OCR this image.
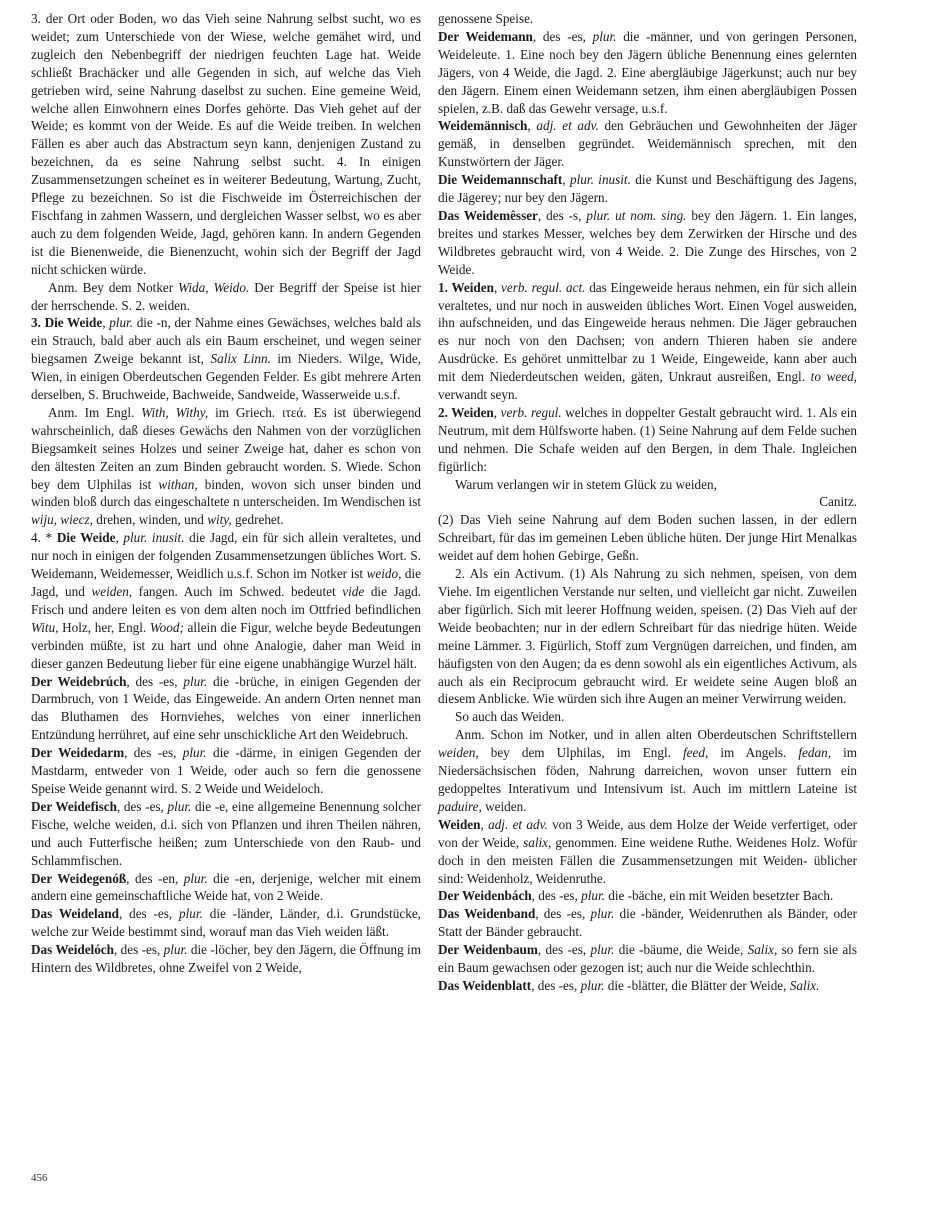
3. der Ort oder Boden, wo das Vieh seine Nahrung selbst sucht, wo es weidet; zum Unterschiede von der Wiese, welche gemähet wird, und zugleich den Nebenbegriff der niedrigen feuchten Lage hat. Weide schließt Brachäcker und alle Gegenden in sich, auf welche das Vieh getrieben wird, seine Nahrung daselbst zu suchen. Eine gemeine Weid, welche allen Einwohnern eines Dorfes gehörte. Das Vieh gehet auf der Weide; es kommt von der Weide. Es auf die Weide treiben. In welchen Fällen es aber auch das Abstractum seyn kann, denjenigen Zustand zu bezeichnen, da es seine Nahrung selbst sucht. 4. In einigen Zusammensetzungen scheinet es in weiterer Bedeutung, Wartung, Zucht, Pflege zu bezeichnen. So ist die Fischweide im Österreichischen der Fischfang in zahmen Wassern, und dergleichen Wasser selbst, wo es aber auch zu dem folgenden Weide, Jagd, gehören kann. In andern Gegenden ist die Bienenweide, die Bienenzucht, wohin sich der Begriff der Jagd nicht schicken würde.

Anm. Bey dem Notker Wida, Weido. Der Begriff der Speise ist hier der herrschende. S. 2. weiden.

3. Die Weide, plur. die -n, der Nahme eines Gewächses, welches bald als ein Strauch, bald aber auch als ein Baum erscheinet, und wegen seiner biegsamen Zweige bekannt ist, Salix Linn. im Nieders. Wilge, Wide, Wien, in einigen Oberdeutschen Gegenden Felder. Es gibt mehrere Arten derselben, S. Bruchweide, Bachweide, Sandweide, Wasserweide u.s.f.

Anm. Im Engl. With, Withy, im Griech. ιτεά. Es ist überwiegend wahrscheinlich, daß dieses Gewächs den Nahmen von der vorzüglichen Biegsamkeit seines Holzes und seiner Zweige hat, daher es schon von den ältesten Zeiten an zum Binden gebraucht worden. S. Wiede. Schon bey dem Ulphilas ist withan, binden, wovon sich unser binden und winden bloß durch das eingeschaltete n unterscheiden. Im Wendischen ist wiju, wiecz, drehen, winden, und wity, gedrehet.

4. * Die Weide, plur. inusit. die Jagd, ein für sich allein veraltetes, und nur noch in einigen der folgenden Zusammensetzungen übliches Wort. S. Weidemann, Weidemesser, Weidlich u.s.f. Schon im Notker ist weido, die Jagd, und weiden, fangen. Auch im Schwed. bedeutet vide die Jagd. Frisch und andere leiten es von dem alten noch im Ottfried befindlichen Witu, Holz, her, Engl. Wood; allein die Figur, welche beyde Bedeutungen verbinden müßte, ist zu hart und ohne Analogie, daher man Weid in dieser ganzen Bedeutung lieber für eine eigene unabhängige Wurzel hält.

Der Weidebrúch, des -es, plur. die -brüche, in einigen Gegenden der Darmbruch, von 1 Weide, das Eingeweide. An andern Orten nennet man das Bluthamen des Hornviehes, welches von einer innerlichen Entzündung herrühret, auf eine sehr unschickliche Art den Weidebruch.

Der Weidedarm, des -es, plur. die -därme, in einigen Gegenden der Mastdarm, entweder von 1 Weide, oder auch so fern die genossene Speise Weide genannt wird. S. 2 Weide und Weideloch.

Der Weidefisch, des -es, plur. die -e, eine allgemeine Benennung solcher Fische, welche weiden, d.i. sich von Pflanzen und ihren Theilen nähren, und auch Futterfische heißen; zum Unterschiede von den Raub- und Schlammfischen.

Der Weidegenóß, des -en, plur. die -en, derjenige, welcher mit einem andern eine gemeinschaftliche Weide hat, von 2 Weide.

Das Weideland, des -es, plur. die -länder, Länder, d.i. Grundstücke, welche zur Weide bestimmt sind, worauf man das Vieh weiden läßt.

Das Weidelóch, des -es, plur. die -löcher, bey den Jägern, die Öffnung im Hintern des Wildbretes, ohne Zweifel von 2 Weide,

genossene Speise.

Der Weidemann, des -es, plur. die -männer, und von geringen Personen, Weideleute. 1. Eine noch bey den Jägern übliche Benennung eines gelernten Jägers, von 4 Weide, die Jagd. 2. Eine abergläubige Jägerkunst; auch nur bey den Jägern. Einem einen Weidemann setzen, ihm einen abergläubigen Possen spielen, z.B. daß das Gewehr versage, u.s.f.

Weidemännisch, adj. et adv. den Gebräuchen und Gewohnheiten der Jäger gemäß, in denselben gegründet. Weidemännisch sprechen, mit den Kunstwörtern der Jäger.

Die Weidemannschaft, plur. inusit. die Kunst und Beschäftigung des Jagens, die Jägerey; nur bey den Jägern.

Das Weidemêsser, des -s, plur. ut nom. sing. bey den Jägern. 1. Ein langes, breites und starkes Messer, welches bey dem Zerwirken der Hirsche und des Wildbretes gebraucht wird, von 4 Weide. 2. Die Zunge des Hirsches, von 2 Weide.

1. Weiden, verb. regul. act. das Eingeweide heraus nehmen, ein für sich allein veraltetes, und nur noch in ausweiden übliches Wort. Einen Vogel ausweiden, ihn aufschneiden, und das Eingeweide heraus nehmen. Die Jäger gebrauchen es nur noch von den Dachsen; von andern Thieren haben sie andere Ausdrücke. Es gehöret unmittelbar zu 1 Weide, Eingeweide, kann aber auch mit dem Niederdeutschen weiden, gäten, Unkraut ausreißen, Engl. to weed, verwandt seyn.

2. Weiden, verb. regul. welches in doppelter Gestalt gebraucht wird. 1. Als ein Neutrum, mit dem Hülfsworte haben. (1) Seine Nahrung auf dem Felde suchen und nehmen. Die Schafe weiden auf den Bergen, in dem Thale. Ingleichen figürlich:

Warum verlangen wir in stetem Glück zu weiden,

Canitz.

(2) Das Vieh seine Nahrung auf dem Boden suchen lassen, in der edlern Schreibart, für das im gemeinen Leben übliche hüten. Der junge Hirt Menalkas weidet auf dem hohen Gebirge, Geßn.

2. Als ein Activum. (1) Als Nahrung zu sich nehmen, speisen, von dem Viehe. Im eigentlichen Verstande nur selten, und vielleicht gar nicht. Zuweilen aber figürlich. Sich mit leerer Hoffnung weiden, speisen. (2) Das Vieh auf der Weide beobachten; nur in der edlern Schreibart für das niedrige hüten. Weide meine Lämmer. 3. Figürlich, Stoff zum Vergnügen darreichen, und finden, am häufigsten von den Augen; da es denn sowohl als ein eigentliches Activum, als auch als ein Reciprocum gebraucht wird. Er weidete seine Augen bloß an diesem Anblicke. Wie würden sich ihre Augen an meiner Verwirrung weiden.

So auch das Weiden.

Anm. Schon im Notker, und in allen alten Oberdeutschen Schriftstellern weiden, bey dem Ulphilas, im Engl. feed, im Angels. fedan, im Niedersächsischen föden, Nahrung darreichen, wovon unser futtern ein gedoppeltes Interativum und Intensivum ist. Auch im mittlern Lateine ist paduire, weiden.

Weiden, adj. et adv. von 3 Weide, aus dem Holze der Weide verfertiget, oder von der Weide, salix, genommen. Eine weidene Ruthe. Weidenes Holz. Wofür doch in den meisten Fällen die Zusammensetzungen mit Weiden- üblicher sind: Weidenholz, Weidenruthe.

Der Weidenbách, des -es, plur. die -bäche, ein mit Weiden besetzter Bach.

Das Weidenband, des -es, plur. die -bänder, Weidenruthen als Bänder, oder Statt der Bänder gebraucht.

Der Weidenbaum, des -es, plur. die -bäume, die Weide, Salix, so fern sie als ein Baum gewachsen oder gezogen ist; auch nur die Weide schlechthin.

Das Weidenblatt, des -es, plur. die -blätter, die Blätter der Weide, Salix.

456
